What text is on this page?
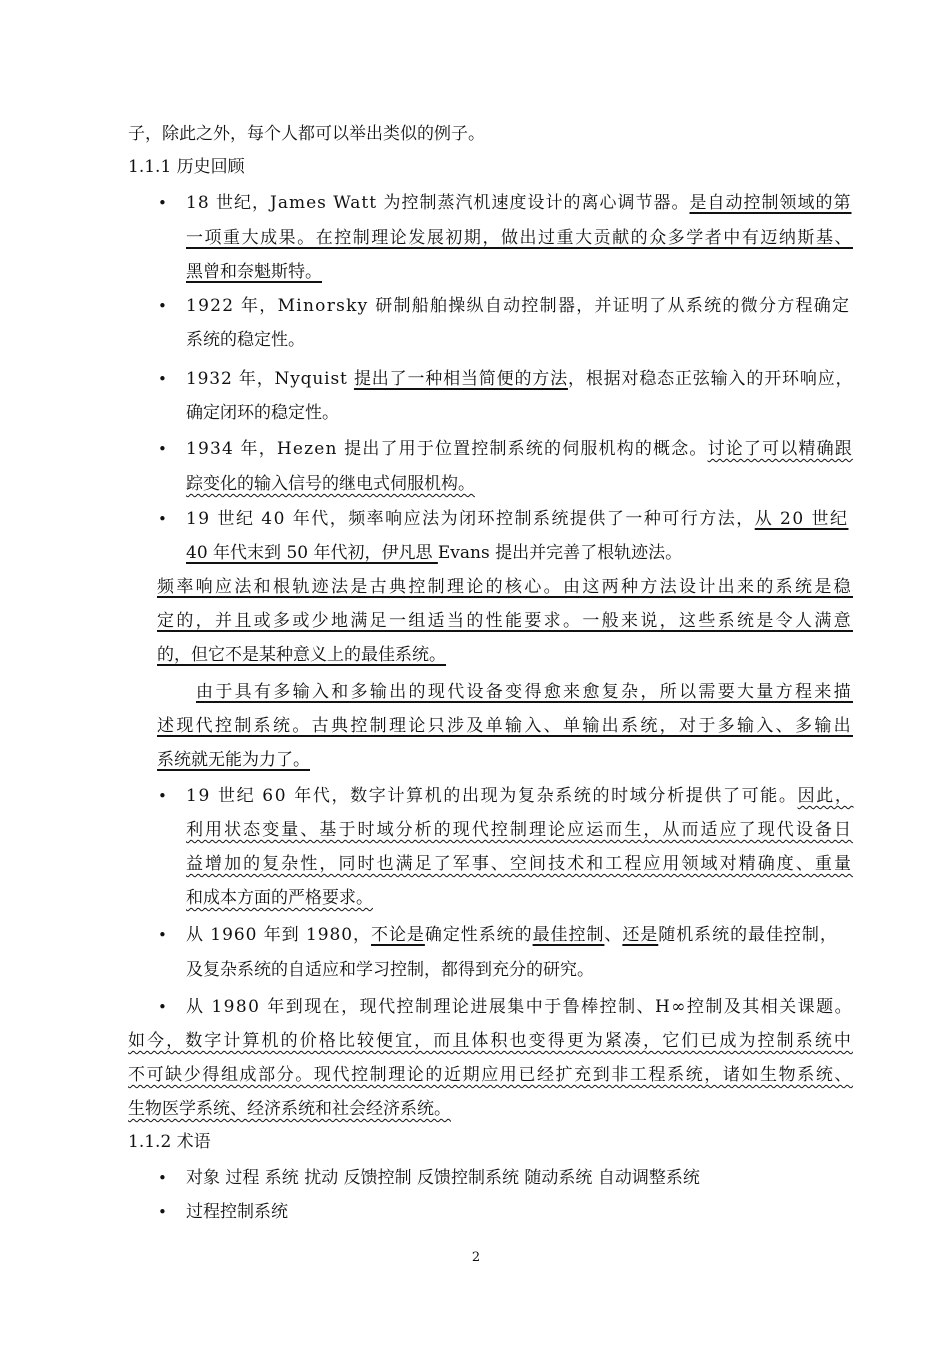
子，除此之外，每个人都可以举出类似的例子。
1.1.1 历史回顾
• 18 世纪，James Watt 为控制蒸汽机速度设计的离心调节器。是自动控制领域的第
一项重大成果。在控制理论发展初期，做出过重大贡献的众多学者中有迈纳斯基、
黑曾和奈魁斯特。
• 1922 年，Minorsky 研制船舶操纵自动控制器，并证明了从系统的微分方程确定
系统的稳定性。
• 1932 年，Nyquist 提出了一种相当简便的方法，根据对稳态正弦输入的开环响应，
确定闭环的稳定性。
• 1934 年，Hezen 提出了用于位置控制系统的伺服机构的概念。讨论了可以精确跟
踪变化的输入信号的继电式伺服机构。
• 19 世纪 40 年代，频率响应法为闭环控制系统提供了一种可行方法，从 20 世纪
40 年代末到 50 年代初，伊凡思 Evans 提出并完善了根轨迹法。
频率响应法和根轨迹法是古典控制理论的核心。由这两种方法设计出来的系统是稳
定的，并且或多或少地满足一组适当的性能要求。一般来说，这些系统是令人满意
的，但它不是某种意义上的最佳系统。
由于具有多输入和多输出的现代设备变得愈来愈复杂，所以需要大量方程来描
述现代控制系统。古典控制理论只涉及单输入、单输出系统，对于多输入、多输出
系统就无能为力了。
• 19 世纪 60 年代，数字计算机的出现为复杂系统的时域分析提供了可能。因此，
利用状态变量、基于时域分析的现代控制理论应运而生，从而适应了现代设备日
益增加的复杂性，同时也满足了军事、空间技术和工程应用领域对精确度、重量
和成本方面的严格要求。
• 从 1960 年到 1980，不论是确定性系统的最佳控制、还是随机系统的最佳控制，
及复杂系统的自适应和学习控制，都得到充分的研究。
• 从 1980 年到现在，现代控制理论进展集中于鲁棒控制、H∞控制及其相关课题。
如今，数字计算机的价格比较便宜，而且体积也变得更为紧凑，它们已成为控制系统中
不可缺少得组成部分。现代控制理论的近期应用已经扩充到非工程系统，诸如生物系统、
生物医学系统、经济系统和社会经济系统。
1.1.2 术语
• 对象 过程 系统 扰动 反馈控制 反馈控制系统 随动系统 自动调整系统
• 过程控制系统
2
